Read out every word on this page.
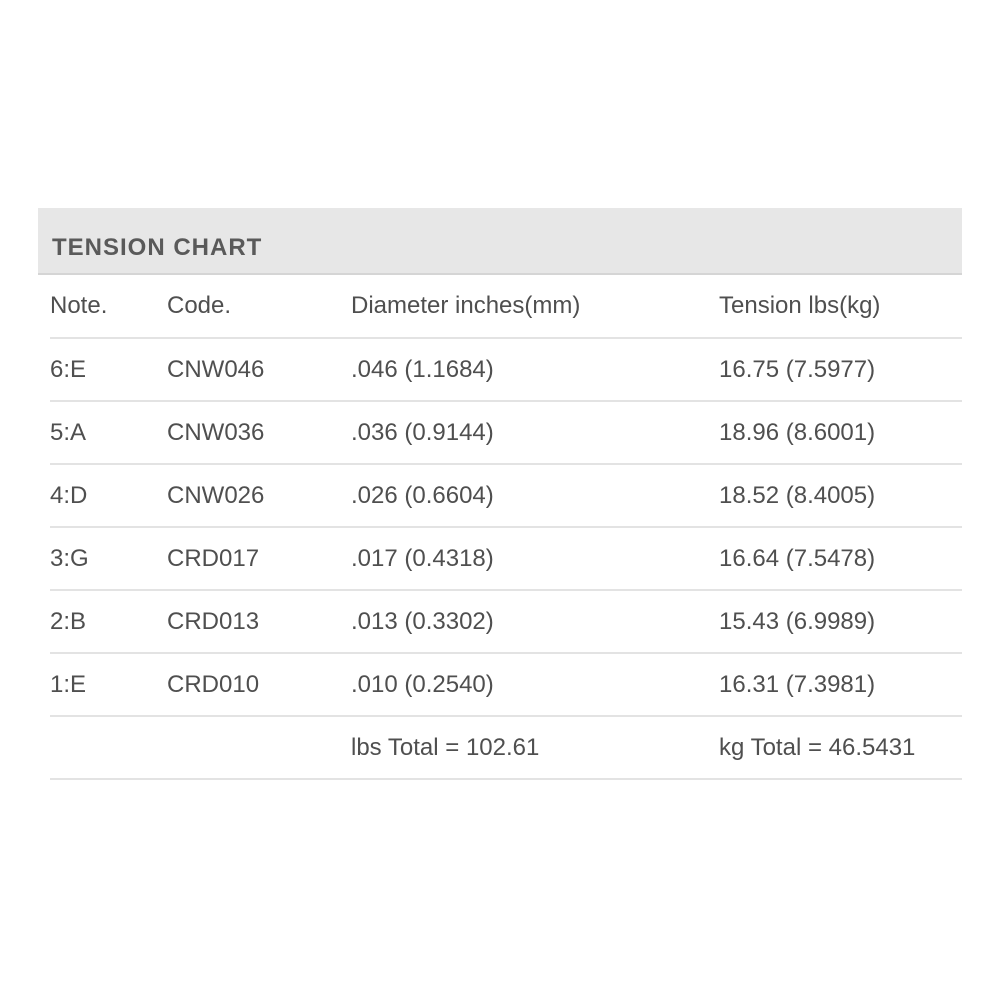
TENSION CHART
Note.	Code.	Diameter inches(mm)	Tension lbs(kg)
6:E	CNW046	.046 (1.1684)	16.75 (7.5977)
5:A	CNW036	.036 (0.9144)	18.96 (8.6001)
4:D	CNW026	.026 (0.6604)	18.52 (8.4005)
3:G	CRD017	.017 (0.4318)	16.64 (7.5478)
2:B	CRD013	.013 (0.3302)	15.43 (6.9989)
1:E	CRD010	.010 (0.2540)	16.31 (7.3981)
		lbs Total = 102.61	kg Total = 46.5431
